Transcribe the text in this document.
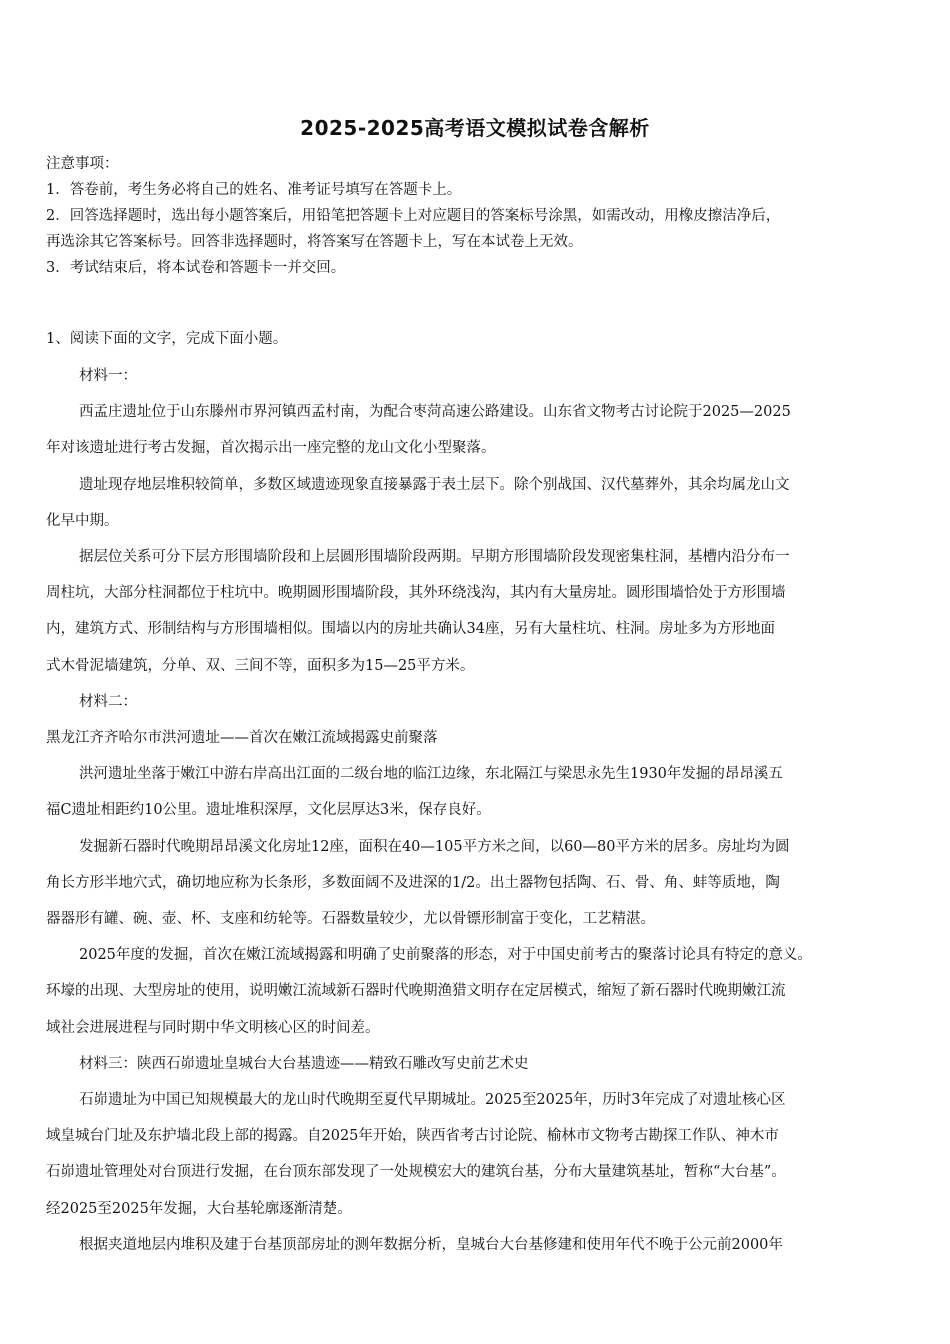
2025-2025高考语文模拟试卷含解析
注意事项：
1．答卷前，考生务必将自己的姓名、准考证号填写在答题卡上。
2．回答选择题时，选出每小题答案后，用铅笔把答题卡上对应题目的答案标号涂黑，如需改动，用橡皮擦洁净后，
再选涂其它答案标号。回答非选择题时，将答案写在答题卡上，写在本试卷上无效。
3．考试结束后，将本试卷和答题卡一并交回。
1、阅读下面的文字，完成下面小题。
材料一：
西孟庄遗址位于山东滕州市界河镇西孟村南，为配合枣菏高速公路建设。山东省文物考古讨论院于2025—2025
年对该遗址进行考古发掘，首次揭示出一座完整的龙山文化小型聚落。
遗址现存地层堆积较简单，多数区域遗迹现象直接暴露于表土层下。除个别战国、汉代墓葬外，其余均属龙山文
化早中期。
据层位关系可分下层方形围墙阶段和上层圆形围墙阶段两期。早期方形围墙阶段发现密集柱洞，基槽内沿分布一
周柱坑，大部分柱洞都位于柱坑中。晚期圆形围墙阶段，其外环绕浅沟，其内有大量房址。圆形围墙恰处于方形围墙
内，建筑方式、形制结构与方形围墙相似。围墙以内的房址共确认34座，另有大量柱坑、柱洞。房址多为方形地面
式木骨泥墙建筑，分单、双、三间不等，面积多为15—25平方米。
材料二：
黑龙江齐齐哈尔市洪河遗址——首次在嫩江流域揭露史前聚落
洪河遗址坐落于嫩江中游右岸高出江面的二级台地的临江边缘，东北隔江与梁思永先生1930年发掘的昂昂溪五
福C遗址相距约10公里。遗址堆积深厚，文化层厚达3米，保存良好。
发掘新石器时代晚期昂昂溪文化房址12座，面积在40—105平方米之间，以60—80平方米的居多。房址均为圆
角长方形半地穴式，确切地应称为长条形，多数面阔不及进深的1/2。出土器物包括陶、石、骨、角、蚌等质地，陶
器器形有罐、碗、壶、杯、支座和纺轮等。石器数量较少，尤以骨镖形制富于变化，工艺精湛。
2025年度的发掘，首次在嫩江流域揭露和明确了史前聚落的形态，对于中国史前考古的聚落讨论具有特定的意义。
环壕的出现、大型房址的使用，说明嫩江流域新石器时代晚期渔猎文明存在定居模式，缩短了新石器时代晚期嫩江流
域社会进展进程与同时期中华文明核心区的时间差。
材料三：陕西石峁遗址皇城台大台基遗迹——精致石雕改写史前艺术史
石峁遗址为中国已知规模最大的龙山时代晚期至夏代早期城址。2025至2025年，历时3年完成了对遗址核心区
域皇城台门址及东护墙北段上部的揭露。自2025年开始，陕西省考古讨论院、榆林市文物考古勘探工作队、神木市
石峁遗址管理处对台顶进行发掘，在台顶东部发现了一处规模宏大的建筑台基，分布大量建筑基址，暂称“大台基”。
经2025至2025年发掘，大台基轮廓逐渐清楚。
根据夹道地层内堆积及建于台基顶部房址的测年数据分析，皇城台大台基修建和使用年代不晚于公元前2000年
